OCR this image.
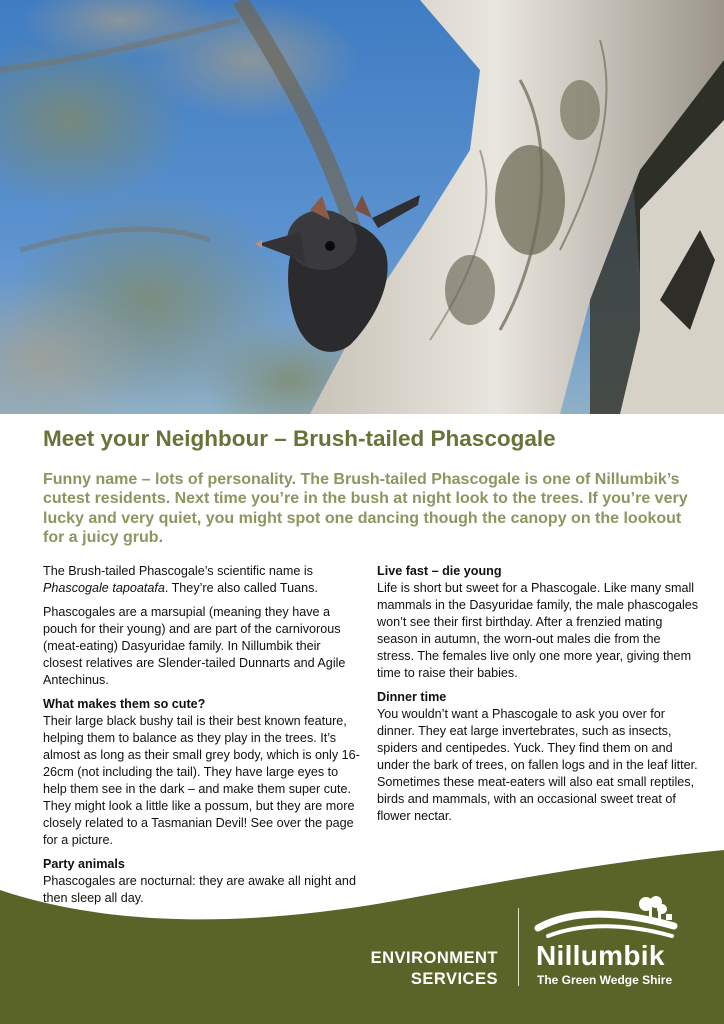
Meet your Neighbour – Brush-tailed Phascogale

Funny name – lots of personality. The Brush-tailed Phascogale is one of Nillumbik’s cutest residents. Next time you’re in the bush at night look to the trees. If you’re very lucky and very quiet, you might spot one dancing though the canopy on the lookout for a juicy grub.

The Brush-tailed Phascogale’s scientific name is Phascogale tapoatafa. They’re also called Tuans.

Phascogales are a marsupial (meaning they have a pouch for their young) and are part of the carnivorous (meat-eating) Dasyuridae family. In Nillumbik their closest relatives are Slender-tailed Dunnarts and Agile Antechinus.

What makes them so cute?

Their large black bushy tail is their best known feature, helping them to balance as they play in the trees. It’s almost as long as their small grey body, which is only 16-26cm (not including the tail). They have large eyes to help them see in the dark – and make them super cute. They might look a little like a possum, but they are more closely related to a Tasmanian Devil! See over the page for a picture.

Party animals

Phascogales are nocturnal: they are awake all night and then sleep all day.

Live fast – die young

Life is short but sweet for a Phascogale. Like many small mammals in the Dasyuridae family, the male phascogales won’t see their first birthday. After a frenzied mating season in autumn, the worn-out males die from the stress. The females live only one more year, giving them time to raise their babies.

Dinner time

You wouldn’t want a Phascogale to ask you over for dinner. They eat large invertebrates, such as insects, spiders and centipedes. Yuck. They find them on and under the bark of trees, on fallen logs and in the leaf litter. Sometimes these meat-eaters will also eat small reptiles, birds and mammals, with an occasional sweet treat of flower nectar.

ENVIRONMENT
SERVICES
Nillumbik
The Green Wedge Shire
